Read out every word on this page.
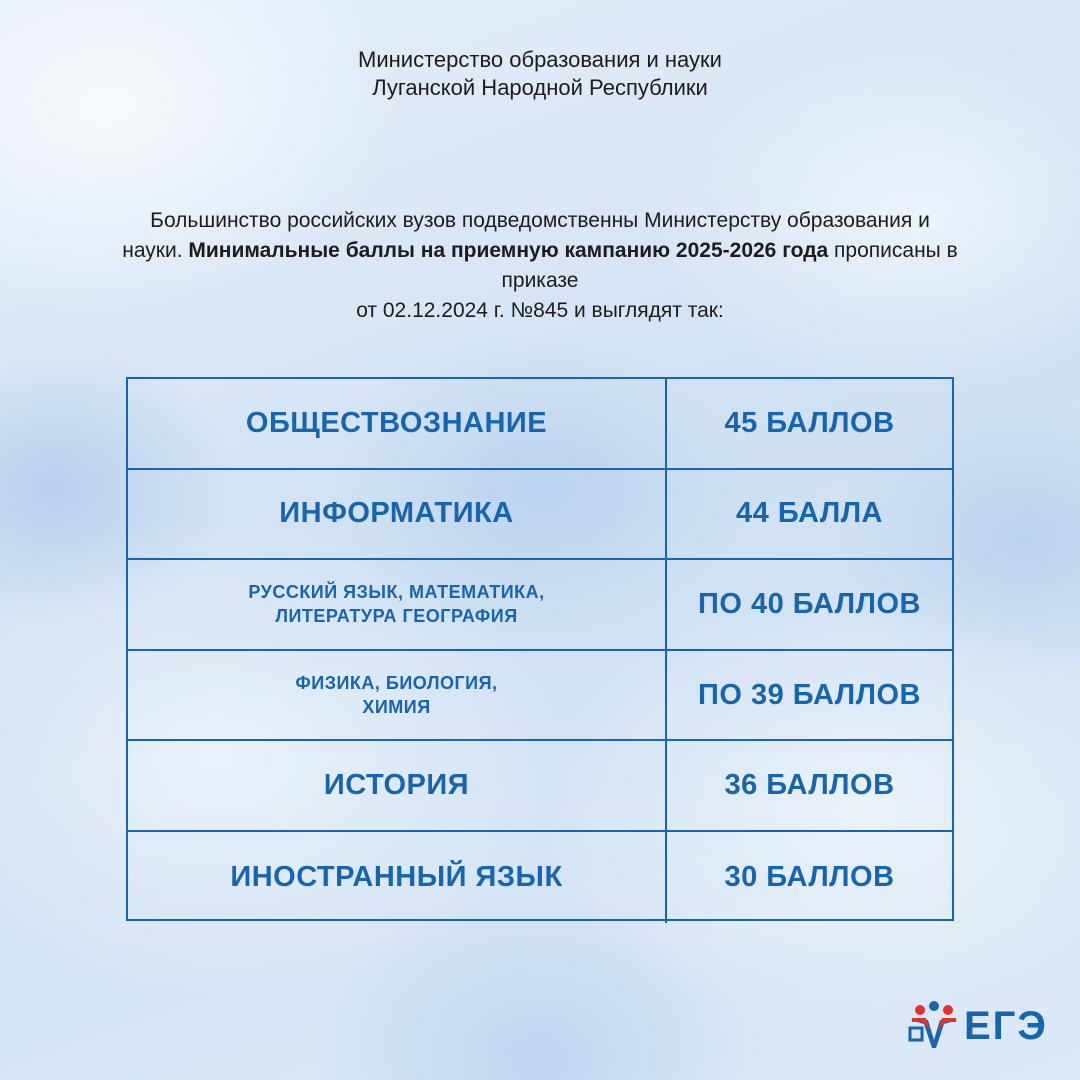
Министерство образования и науки
Луганской Народной Республики
Большинство российских вузов подведомственны Министерству образования и науки. Минимальные баллы на приемную кампанию 2025-2026 года прописаны в приказе
от 02.12.2024 г. №845 и выглядят так:
ОБЩЕСТВОЗНАНИЕ	45 БАЛЛОВ
ИНФОРМАТИКА	44 БАЛЛА
РУССКИЙ ЯЗЫК, МАТЕМАТИКА,
ЛИТЕРАТУРА ГЕОГРАФИЯ	ПО 40 БАЛЛОВ
ФИЗИКА, БИОЛОГИЯ,
ХИМИЯ	ПО 39 БАЛЛОВ
ИСТОРИЯ	36 БАЛЛОВ
ИНОСТРАННЫЙ ЯЗЫК	30 БАЛЛОВ
ЕГЭ
